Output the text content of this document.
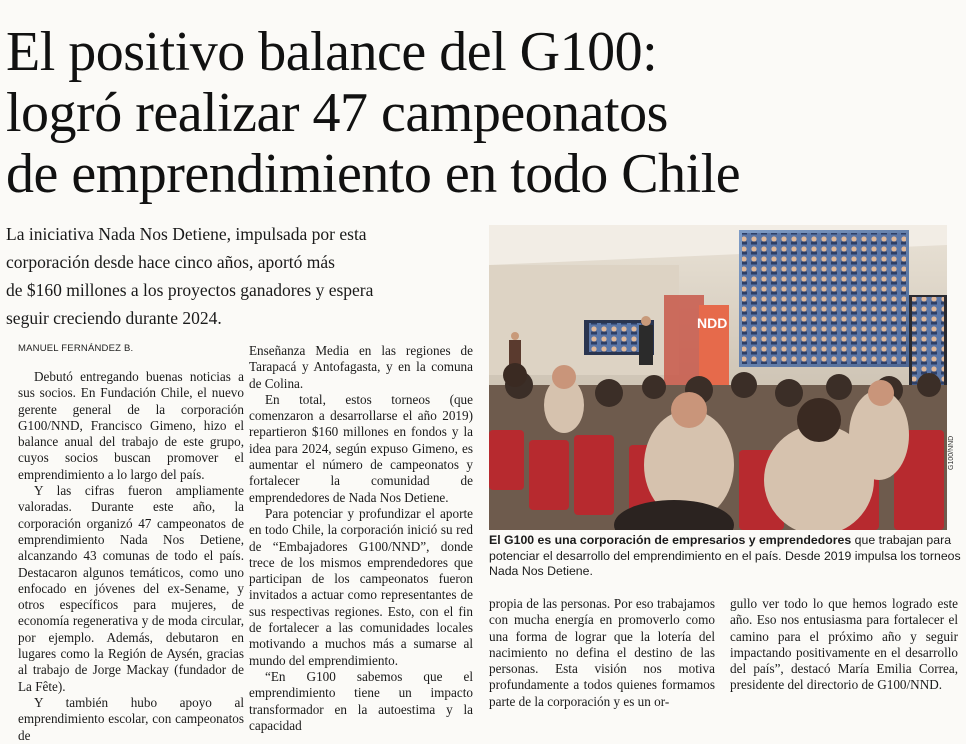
El positivo balance del G100:
logró realizar 47 campeonatos
de emprendimiento en todo Chile
La iniciativa Nada Nos Detiene, impulsada por esta
corporación desde hace cinco años, aportó más
de $160 millones a los proyectos ganadores y espera
seguir creciendo durante 2024.
MANUEL FERNÁNDEZ B.

Debutó entregando buenas noticias a sus socios. En Fundación Chile, el nuevo gerente general de la corporación G100/NND, Francisco Gimeno, hizo el balance anual del trabajo de este grupo, cuyos socios buscan promover el emprendimiento a lo largo del país.

Y las cifras fueron ampliamente valoradas. Durante este año, la corporación organizó 47 campeonatos de emprendimiento Nada Nos Detiene, alcanzando 43 comunas de todo el país. Destacaron algunos temáticos, como uno enfocado en jóvenes del ex-Sename, y otros específicos para mujeres, de economía regenerativa y de moda circular, por ejemplo. Además, debutaron en lugares como la Región de Aysén, gracias al trabajo de Jorge Mackay (fundador de La Fête).

Y también hubo apoyo al emprendimiento escolar, con campeonatos de

Enseñanza Media en las regiones de Tarapacá y Antofagasta, y en la comuna de Colina.

En total, estos torneos (que comenzaron a desarrollarse el año 2019) repartieron $160 millones en fondos y la idea para 2024, según expuso Gimeno, es aumentar el número de campeonatos y fortalecer la comunidad de emprendedores de Nada Nos Detiene.

Para potenciar y profundizar el aporte en todo Chile, la corporación inició su red de “Embajadores G100/NND”, donde trece de los mismos emprendedores que participan de los campeonatos fueron invitados a actuar como representantes de sus respectivas regiones. Esto, con el fin de fortalecer a las comunidades locales motivando a muchos más a sumarse al mundo del emprendimiento.

“En G100 sabemos que el emprendimiento tiene un impacto transformador en la autoestima y la capacidad

NDD
G100/NND
El G100 es una corporación de empresarios y emprendedores que trabajan para
potenciar el desarrollo del emprendimiento en el país. Desde 2019 impulsa los torneos
Nada Nos Detiene.

propia de las personas. Por eso trabajamos con mucha energía en promoverlo como una forma de lograr que la lotería del nacimiento no defina el destino de las personas. Esta visión nos motiva profundamente a todos quienes formamos parte de la corporación y es un or-

gullo ver todo lo que hemos logrado este año. Eso nos entusiasma para fortalecer el camino para el próximo año y seguir impactando positivamente en el desarrollo del país”, destacó María Emilia Correa, presidente del directorio de G100/NND.
